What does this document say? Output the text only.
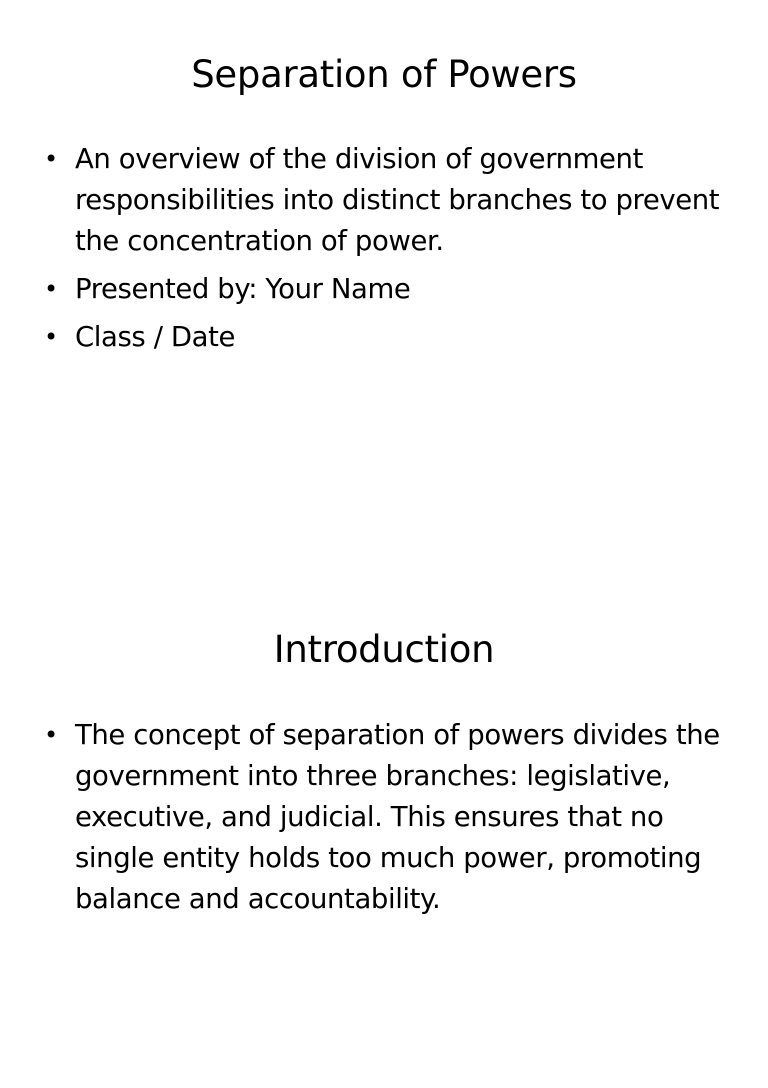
Separation of Powers
• An overview of the division of government responsibilities into distinct branches to prevent the concentration of power.
• Presented by: Your Name
• Class / Date
Introduction
• The concept of separation of powers divides the government into three branches: legislative, executive, and judicial. This ensures that no single entity holds too much power, promoting balance and accountability.
